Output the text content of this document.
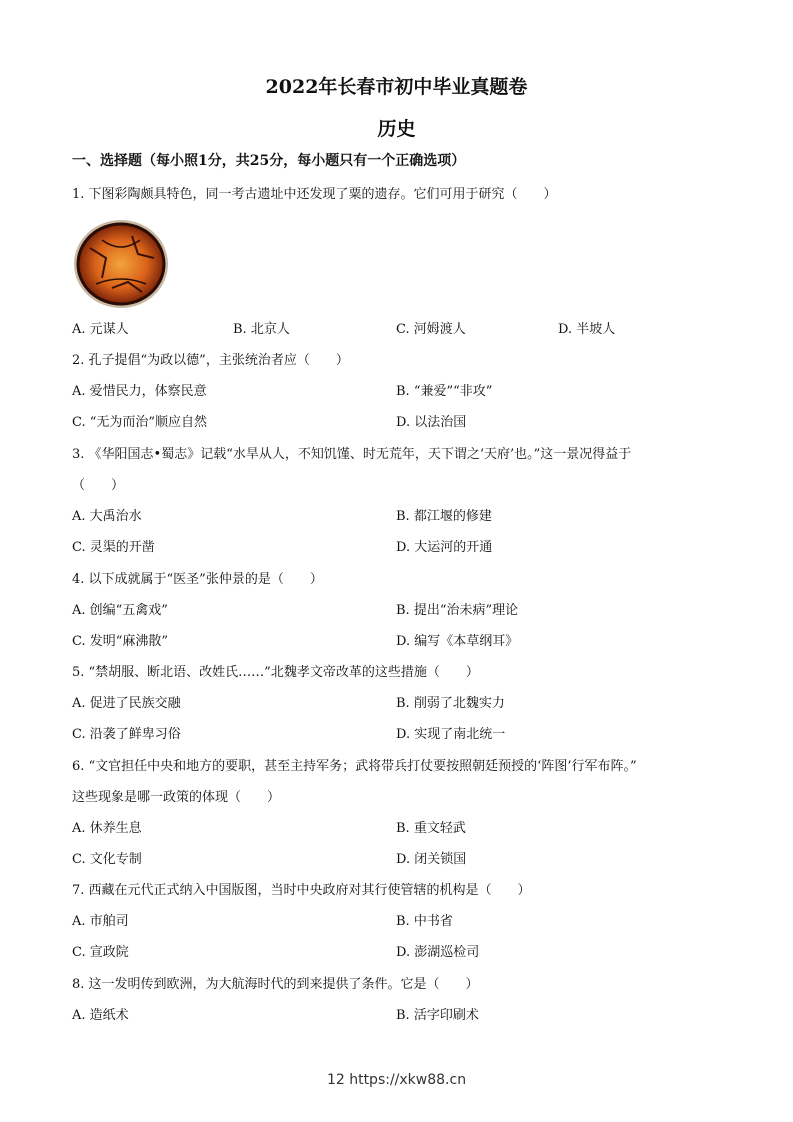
2022年长春市初中毕业真题卷
历史
一、选择题（每小照1分，共25分，每小题只有一个正确选项）
1. 下图彩陶颇具特色，同一考古遗址中还发现了粟的遗存。它们可用于研究（　　）
A. 元谋人	B. 北京人	C. 河姆渡人	D. 半坡人
2. 孔子提倡“为政以德”，主张统治者应（　　）
A. 爱惜民力，体察民意	B. “兼爱”“非攻”
C. “无为而治”顺应自然	D. 以法治国
3. 《华阳国志•蜀志》记载“水旱从人，不知饥馑、时无荒年，天下谓之‘天府’也。”这一景况得益于
（　　）
A. 大禹治水	B. 都江堰的修建
C. 灵渠的开凿	D. 大运河的开通
4. 以下成就属于“医圣”张仲景的是（　　）
A. 创编“五禽戏”	B. 提出“治未病”理论
C. 发明“麻沸散”	D. 编写《本草纲耳》
5. “禁胡服、断北语、改姓氏……”北魏孝文帝改革的这些措施（　　）
A. 促进了民族交融	B. 削弱了北魏实力
C. 沿袭了鲜卑习俗	D. 实现了南北统一
6. “文官担任中央和地方的要职，甚至主持军务；武将带兵打仗要按照朝廷预授的‘阵图’行军布阵。”
这些现象是哪一政策的体现（　　）
A. 休养生息	B. 重文轻武
C. 文化专制	D. 闭关锁国
7. 西藏在元代正式纳入中国版图，当时中央政府对其行使管辖的机构是（　　）
A. 市舶司	B. 中书省
C. 宣政院	D. 澎湖巡检司
8. 这一发明传到欧洲，为大航海时代的到来提供了条件。它是（　　）
A. 造纸术	B. 活字印刷术
12 https://xkw88.cn
